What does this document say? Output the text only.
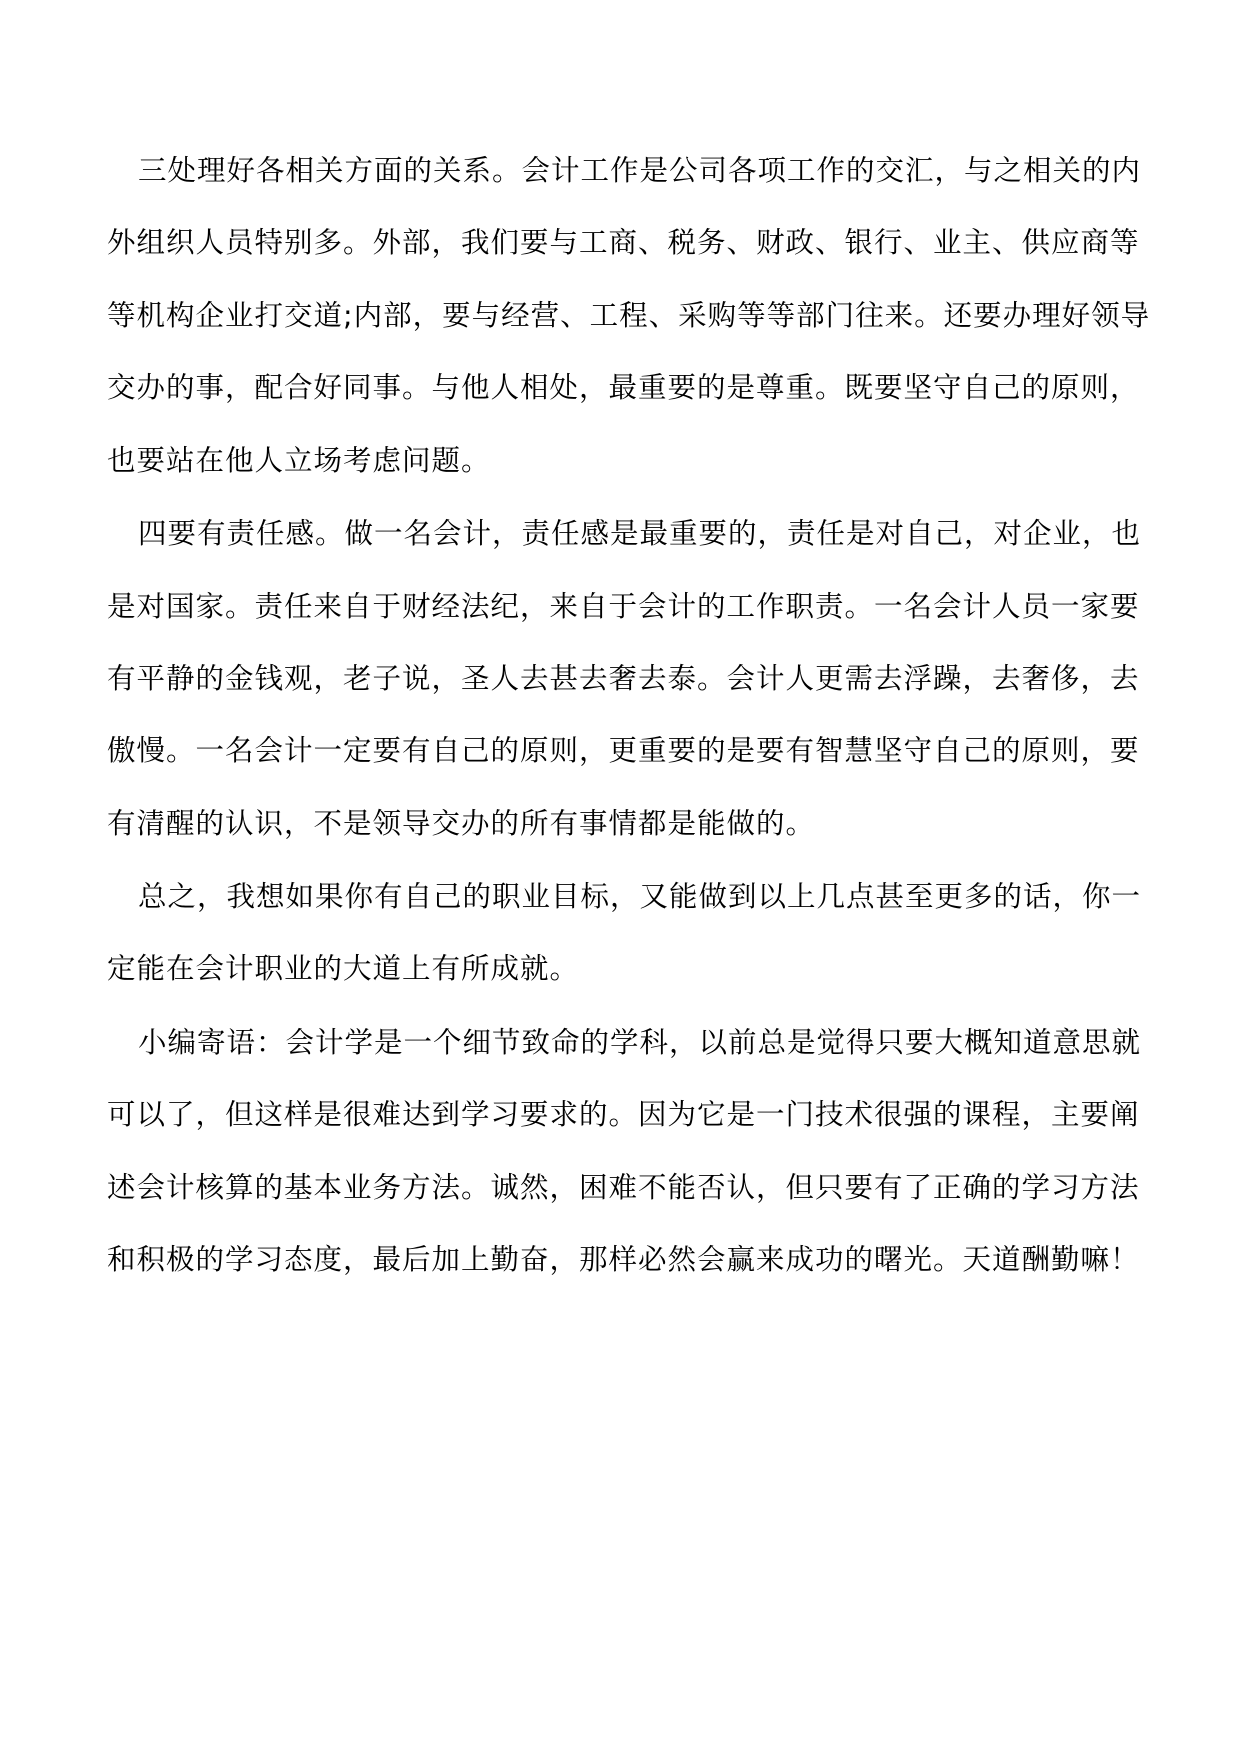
三处理好各相关方面的关系。会计工作是公司各项工作的交汇，与之相关的内
外组织人员特别多。外部，我们要与工商、税务、财政、银行、业主、供应商等
等机构企业打交道;内部，要与经营、工程、采购等等部门往来。还要办理好领导
交办的事，配合好同事。与他人相处，最重要的是尊重。既要坚守自己的原则，
也要站在他人立场考虑问题。
四要有责任感。做一名会计，责任感是最重要的，责任是对自己，对企业，也
是对国家。责任来自于财经法纪，来自于会计的工作职责。一名会计人员一家要
有平静的金钱观，老子说，圣人去甚去奢去泰。会计人更需去浮躁，去奢侈，去
傲慢。一名会计一定要有自己的原则，更重要的是要有智慧坚守自己的原则，要
有清醒的认识，不是领导交办的所有事情都是能做的。
总之，我想如果你有自己的职业目标，又能做到以上几点甚至更多的话，你一
定能在会计职业的大道上有所成就。
小编寄语：会计学是一个细节致命的学科，以前总是觉得只要大概知道意思就
可以了，但这样是很难达到学习要求的。因为它是一门技术很强的课程，主要阐
述会计核算的基本业务方法。诚然，困难不能否认，但只要有了正确的学习方法
和积极的学习态度，最后加上勤奋，那样必然会赢来成功的曙光。天道酬勤嘛！
